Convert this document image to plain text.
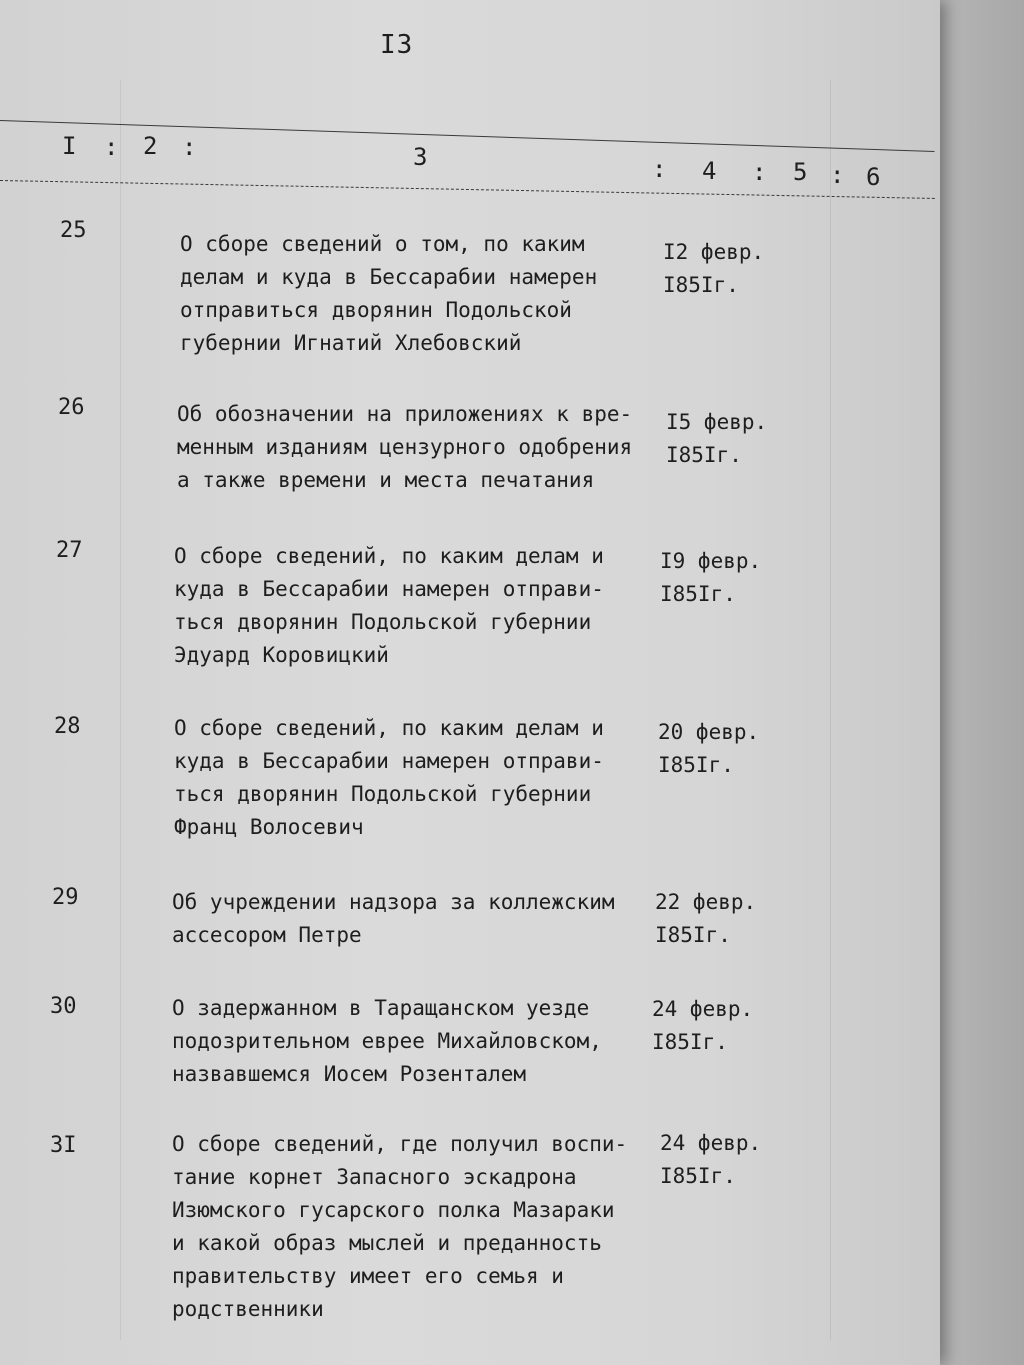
I3
I : 2 :	3	: 4 : 5 : 6
25
О сборе сведений о том, по каким
делам и куда в Бессарабии намерен
отправиться дворянин Подольской
губернии Игнатий Хлебовский
I2 февр.
I85Iг.
26	Об обозначении на приложениях к вре-
менным изданиям цензурного одобрения
а также времени и места печатания
I5 февр.
I85Iг.
27	О сборе сведений, по каким делам и
куда в Бессарабии намерен отправи-
ться дворянин Подольской губернии
Эдуард Коровицкий
I9 февр.
I85Iг.
28	О сборе сведений, по каким делам и
куда в Бессарабии намерен отправи-
ться дворянин Подольской губернии
Франц Волосевич
20 февр.
I85Iг.
29	Об учреждении надзора за коллежским
ассесором Петре
22 февр.
I85Iг.
30	О задержанном в Таращанском уезде
подозрительном еврее Михайловском,
назвавшемся Иосем Розенталем
24 февр.
I85Iг.
3I	О сборе сведений, где получил воспи-
тание корнет Запасного эскадрона
Изюмского гусарского полка Мазараки
и какой образ мыслей и преданность
правительству имеет его семья и
родственники
24 февр.
I85Iг.
